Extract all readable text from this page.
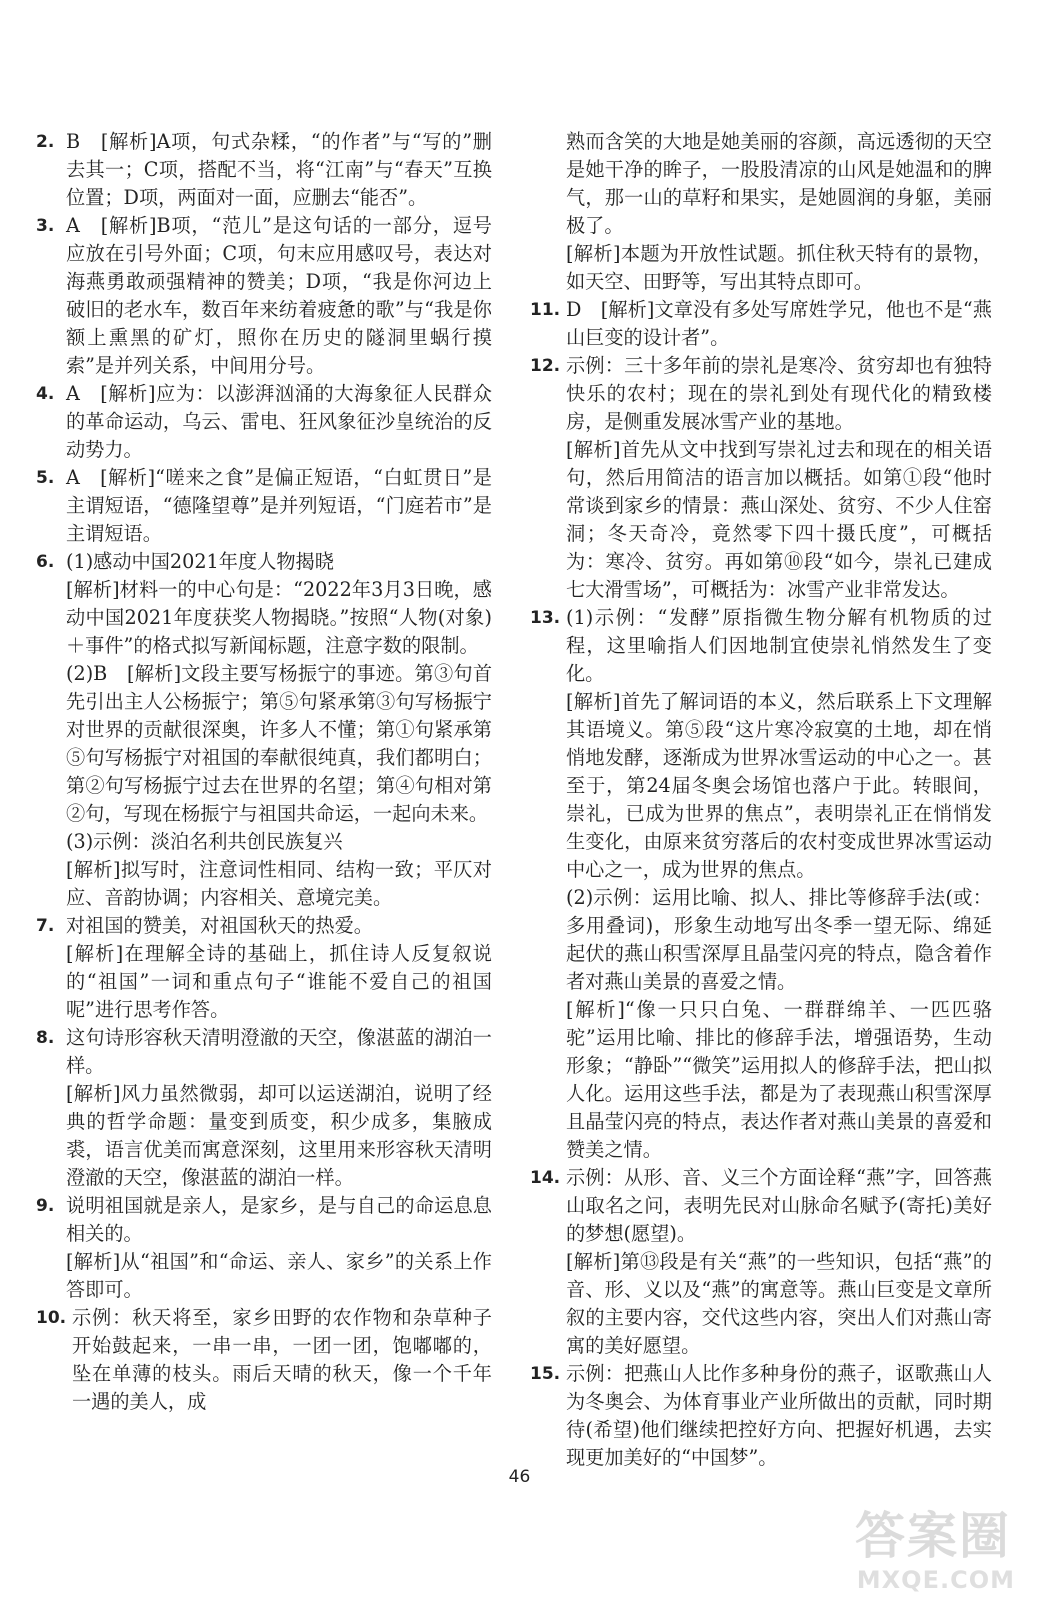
2. B　[解析]A项，句式杂糅，“的作者”与“写的”删去其一；C项，搭配不当，将“江南”与“春天”互换位置；D项，两面对一面，应删去“能否”。

3. A　[解析]B项，“范儿”是这句话的一部分，逗号应放在引号外面；C项，句末应用感叹号，表达对海燕勇敢顽强精神的赞美；D项，“我是你河边上破旧的老水车，数百年来纺着疲惫的歌”与“我是你额上熏黑的矿灯，照你在历史的隧洞里蜗行摸索”是并列关系，中间用分号。

4. A　[解析]应为：以澎湃汹涌的大海象征人民群众的革命运动，乌云、雷电、狂风象征沙皇统治的反动势力。

5. A　[解析]“嗟来之食”是偏正短语，“白虹贯日”是主谓短语，“德隆望尊”是并列短语，“门庭若市”是主谓短语。

6. (1)感动中国2021年度人物揭晓

[解析]材料一的中心句是：“2022年3月3日晚，感动中国2021年度获奖人物揭晓。”按照“人物(对象)＋事件”的格式拟写新闻标题，注意字数的限制。

(2)B　[解析]文段主要写杨振宁的事迹。第③句首先引出主人公杨振宁；第⑤句紧承第③句写杨振宁对世界的贡献很深奥，许多人不懂；第①句紧承第⑤句写杨振宁对祖国的奉献很纯真，我们都明白；第②句写杨振宁过去在世界的名望；第④句相对第②句，写现在杨振宁与祖国共命运，一起向未来。

(3)示例：淡泊名利共创民族复兴

[解析]拟写时，注意词性相同、结构一致；平仄对应、音韵协调；内容相关、意境完美。

7. 对祖国的赞美，对祖国秋天的热爱。

[解析]在理解全诗的基础上，抓住诗人反复叙说的“祖国”一词和重点句子“谁能不爱自己的祖国呢”进行思考作答。

8. 这句诗形容秋天清明澄澈的天空，像湛蓝的湖泊一样。

[解析]风力虽然微弱，却可以运送湖泊，说明了经典的哲学命题：量变到质变，积少成多，集腋成裘，语言优美而寓意深刻，这里用来形容秋天清明澄澈的天空，像湛蓝的湖泊一样。

9. 说明祖国就是亲人，是家乡，是与自己的命运息息相关的。

[解析]从“祖国”和“命运、亲人、家乡”的关系上作答即可。

10. 示例：秋天将至，家乡田野的农作物和杂草种子开始鼓起来，一串一串，一团一团，饱嘟嘟的，坠在单薄的枝头。雨后天晴的秋天，像一个千年一遇的美人，成

熟而含笑的大地是她美丽的容颜，高远透彻的天空是她干净的眸子，一股股清凉的山风是她温和的脾气，那一山的草籽和果实，是她圆润的身躯，美丽极了。

[解析]本题为开放性试题。抓住秋天特有的景物，如天空、田野等，写出其特点即可。

11. D　[解析]文章没有多处写席姓学兄，他也不是“燕山巨变的设计者”。

12. 示例：三十多年前的崇礼是寒冷、贫穷却也有独特快乐的农村；现在的崇礼到处有现代化的精致楼房，是侧重发展冰雪产业的基地。

[解析]首先从文中找到写崇礼过去和现在的相关语句，然后用简洁的语言加以概括。如第①段“他时常谈到家乡的情景：燕山深处、贫穷、不少人住窑洞；冬天奇冷，竟然零下四十摄氏度”，可概括为：寒冷、贫穷。再如第⑩段“如今，崇礼已建成七大滑雪场”，可概括为：冰雪产业非常发达。

13. (1)示例：“发酵”原指微生物分解有机物质的过程，这里喻指人们因地制宜使崇礼悄然发生了变化。

[解析]首先了解词语的本义，然后联系上下文理解其语境义。第⑤段“这片寒冷寂寞的土地，却在悄悄地发酵，逐渐成为世界冰雪运动的中心之一。甚至于，第24届冬奥会场馆也落户于此。转眼间，崇礼，已成为世界的焦点”，表明崇礼正在悄悄发生变化，由原来贫穷落后的农村变成世界冰雪运动中心之一，成为世界的焦点。

(2)示例：运用比喻、拟人、排比等修辞手法(或：多用叠词)，形象生动地写出冬季一望无际、绵延起伏的燕山积雪深厚且晶莹闪亮的特点，隐含着作者对燕山美景的喜爱之情。

[解析]“像一只只白兔、一群群绵羊、一匹匹骆驼”运用比喻、排比的修辞手法，增强语势，生动形象；“静卧”“微笑”运用拟人的修辞手法，把山拟人化。运用这些手法，都是为了表现燕山积雪深厚且晶莹闪亮的特点，表达作者对燕山美景的喜爱和赞美之情。

14. 示例：从形、音、义三个方面诠释“燕”字，回答燕山取名之问，表明先民对山脉命名赋予(寄托)美好的梦想(愿望)。

[解析]第⑬段是有关“燕”的一些知识，包括“燕”的音、形、义以及“燕”的寓意等。燕山巨变是文章所叙的主要内容，交代这些内容，突出人们对燕山寄寓的美好愿望。

15. 示例：把燕山人比作多种身份的燕子，讴歌燕山人为冬奥会、为体育事业产业所做出的贡献，同时期待(希望)他们继续把控好方向、把握好机遇，去实现更加美好的“中国梦”。

46
答案圈
MXQE.COM
